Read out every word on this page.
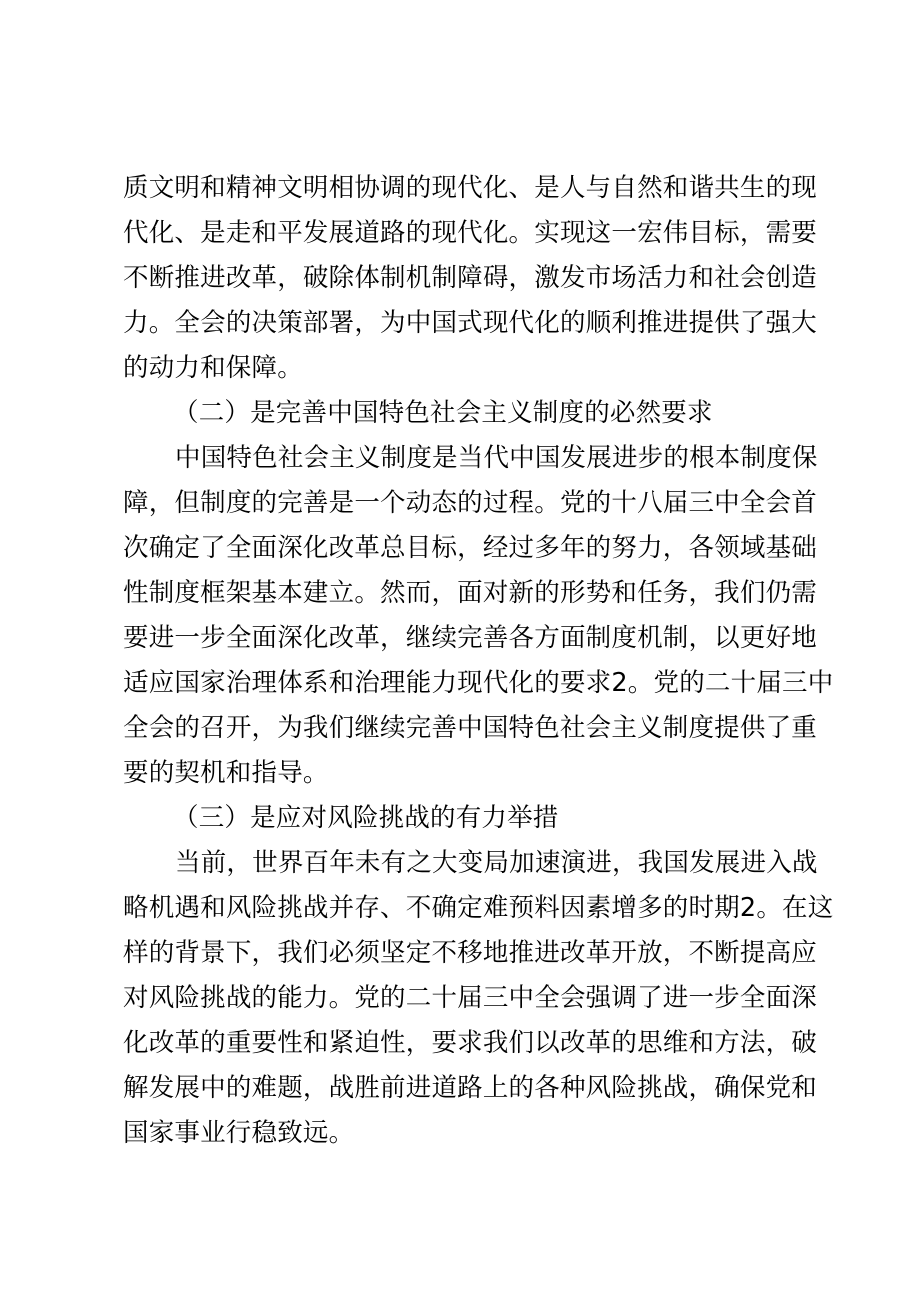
质 文 明 和 精 神 文 明 相 协 调 的 现 代 化 、 是 人 与 自 然 和 谐 共 生 的 现
代 化 、 是 走 和 平 发 展 道 路 的 现 代 化 。 实 现 这 一 宏 伟 目 标 ， 需 要
不 断 推 进 改 革 ， 破 除 体 制 机 制 障 碍 ， 激 发 市 场 活 力 和 社 会 创 造
力 。 全 会 的 决 策 部 署 ， 为 中 国 式 现 代 化 的 顺 利 推 进 提 供 了 强 大
的动力和保障。
（二）是完善中国特色社会主义制度的必然要求
中 国 特 色 社 会 主 义 制 度 是 当 代 中 国 发 展 进 步 的 根 本 制 度 保
障 ， 但 制 度 的 完 善 是 一 个 动 态 的 过 程 。 党 的 十 八 届 三 中 全 会 首
次 确 定 了 全 面 深 化 改 革 总 目 标 ， 经 过 多 年 的 努 力 ， 各 领 域 基 础
性 制 度 框 架 基 本 建 立 。 然 而 ， 面 对 新 的 形 势 和 任 务 ， 我 们 仍 需
要 进 一 步 全 面 深 化 改 革 ， 继 续 完 善 各 方 面 制 度 机 制 ， 以 更 好 地
适 应 国 家 治 理 体 系 和 治 理 能 力 现 代 化 的 要 求 2 。 党 的 二 十 届 三 中
全 会 的 召 开 ， 为 我 们 继 续 完 善 中 国 特 色 社 会 主 义 制 度 提 供 了 重
要的契机和指导。
（三）是应对风险挑战的有力举措
当 前 ， 世 界 百 年 未 有 之 大 变 局 加 速 演 进 ， 我 国 发 展 进 入 战
略 机 遇 和 风 险 挑 战 并 存 、 不 确 定 难 预 料 因 素 增 多 的 时 期 2 。 在 这
样 的 背 景 下 ， 我 们 必 须 坚 定 不 移 地 推 进 改 革 开 放 ， 不 断 提 高 应
对 风 险 挑 战 的 能 力 。 党 的 二 十 届 三 中 全 会 强 调 了 进 一 步 全 面 深
化 改 革 的 重 要 性 和 紧 迫 性 ， 要 求 我 们 以 改 革 的 思 维 和 方 法 ， 破
解 发 展 中 的 难 题 ， 战 胜 前 进 道 路 上 的 各 种 风 险 挑 战 ， 确 保 党 和
国家事业行稳致远。
